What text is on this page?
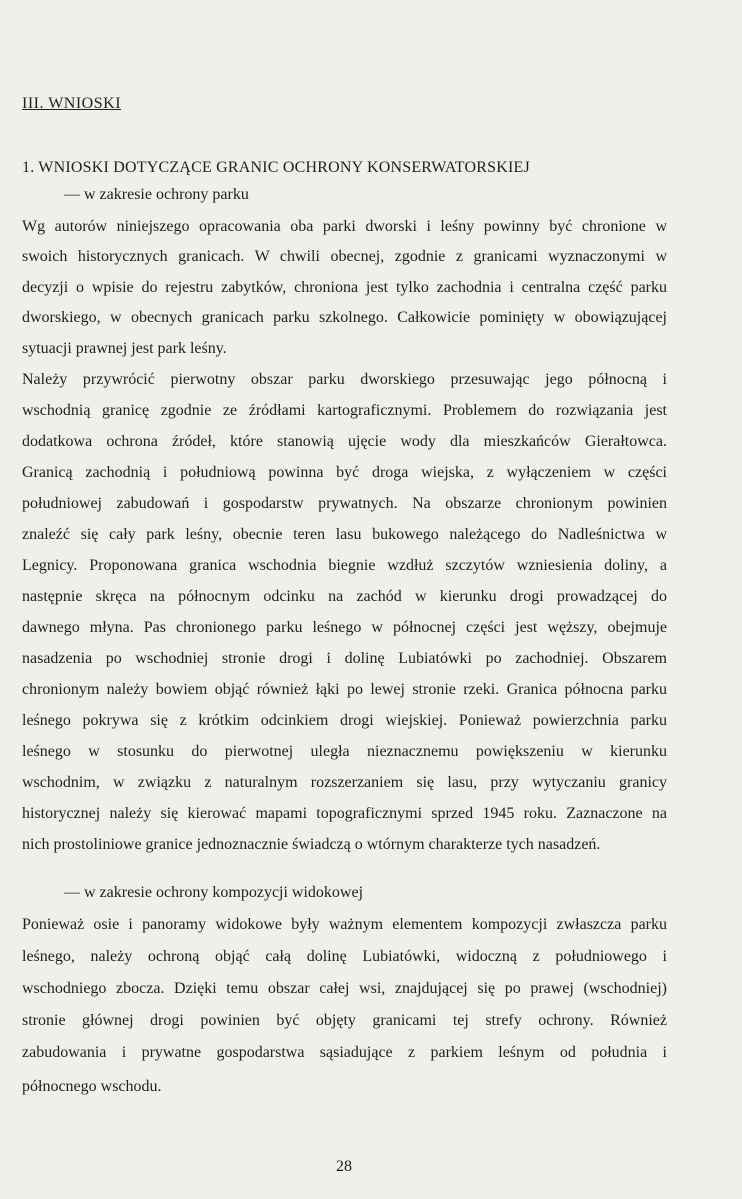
III. WNIOSKI
1. WNIOSKI DOTYCZĄCE GRANIC OCHRONY KONSERWATORSKIEJ
— w zakresie ochrony parku
Wg autorów niniejszego opracowania oba parki dworski i leśny powinny być chronione w
swoich historycznych granicach. W chwili obecnej, zgodnie z granicami wyznaczonymi w
decyzji o wpisie do rejestru zabytków, chroniona jest tylko zachodnia i centralna część parku
dworskiego, w obecnych granicach parku szkolnego. Całkowicie pominięty w obowiązującej
sytuacji prawnej jest park leśny.
Należy przywrócić pierwotny obszar parku dworskiego przesuwając jego północną i
wschodnią granicę zgodnie ze źródłami kartograficznymi. Problemem do rozwiązania jest
dodatkowa ochrona źródeł, które stanowią ujęcie wody dla mieszkańców Gierałtowca.
Granicą zachodnią i południową powinna być droga wiejska, z wyłączeniem w części
południowej zabudowań i gospodarstw prywatnych. Na obszarze chronionym powinien
znaleźć się cały park leśny, obecnie teren lasu bukowego należącego do Nadleśnictwa w
Legnicy. Proponowana granica wschodnia biegnie wzdłuż szczytów wzniesienia doliny, a
następnie skręca na północnym odcinku na zachód w kierunku drogi prowadzącej do
dawnego młyna. Pas chronionego parku leśnego w północnej części jest węższy, obejmuje
nasadzenia po wschodniej stronie drogi i dolinę Lubiatówki po zachodniej. Obszarem
chronionym należy bowiem objąć również łąki po lewej stronie rzeki. Granica północna parku
leśnego pokrywa się z krótkim odcinkiem drogi wiejskiej. Ponieważ powierzchnia parku
leśnego w stosunku do pierwotnej uległa nieznacznemu powiększeniu w kierunku
wschodnim, w związku z naturalnym rozszerzaniem się lasu, przy wytyczaniu granicy
historycznej należy się kierować mapami topograficznymi sprzed 1945 roku. Zaznaczone na
nich prostoliniowe granice jednoznacznie świadczą o wtórnym charakterze tych nasadzeń.
— w zakresie ochrony kompozycji widokowej
Ponieważ osie i panoramy widokowe były ważnym elementem kompozycji zwłaszcza parku
leśnego, należy ochroną objąć całą dolinę Lubiatówki, widoczną z południowego i
wschodniego zbocza. Dzięki temu obszar całej wsi, znajdującej się po prawej (wschodniej)
stronie głównej drogi powinien być objęty granicami tej strefy ochrony. Również
zabudowania i prywatne gospodarstwa sąsiadujące z parkiem leśnym od południa i
północnego wschodu.
28
